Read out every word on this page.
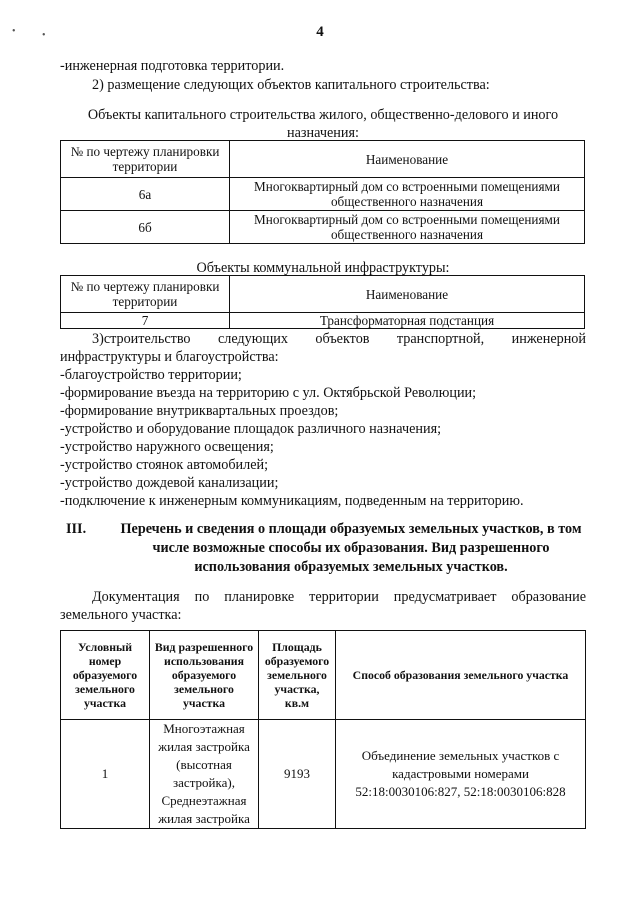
•	•	4
-инженерная подготовка территории.
2) размещение следующих объектов капитального строительства:
Объекты капитального строительства жилого, общественно-делового и иного назначения:
№ по чертежу планировки территории	Наименование
6а	Многоквартирный дом со встроенными помещениями общественного назначения
6б	Многоквартирный дом со встроенными помещениями общественного назначения
Объекты коммунальной инфраструктуры:
№ по чертежу планировки территории	Наименование
7	Трансформаторная подстанция
3)строительство следующих объектов транспортной, инженерной
инфраструктуры и благоустройства:
-благоустройство территории;
-формирование въезда на территорию с ул. Октябрьской Революции;
-формирование внутриквартальных проездов;
-устройство и оборудование площадок различного назначения;
-устройство наружного освещения;
-устройство стоянок автомобилей;
-устройство дождевой канализации;
-подключение к инженерным коммуникациям, подведенным на территорию.
III.	Перечень и сведения о площади образуемых земельных участков, в том числе возможные способы их образования. Вид разрешенного использования образуемых земельных участков.
Документация по планировке территории предусматривает образование
земельного участка:
Условный номер образуемого земельного участка	Вид разрешенного использования образуемого земельного участка	Площадь образуемого земельного участка, кв.м	Способ образования земельного участка
1	Многоэтажная жилая застройка (высотная застройка), Среднеэтажная жилая застройка	9193	Объединение земельных участков с кадастровыми номерами 52:18:0030106:827, 52:18:0030106:828
